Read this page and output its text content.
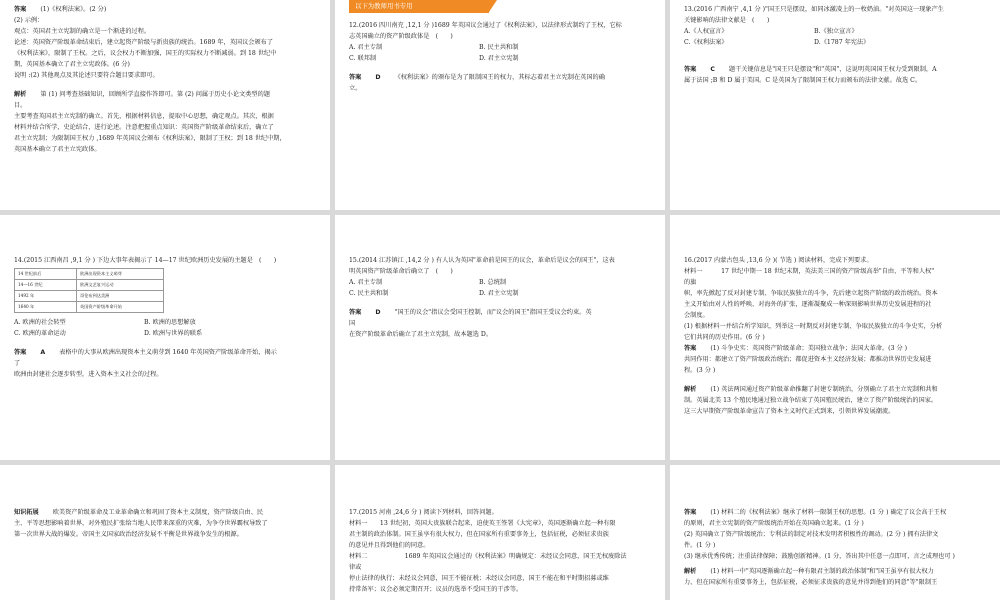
答案 (1)《权利法案》。(2 分)

(2) 示例：

观点：英国君主立宪制的确立是一个渐进的过程。

论述：英国资产阶级革命结束后，建立起资产阶级与新贵族的统治。1689 年，英国议会颁布了

《权利法案》，限制了王权。之后，议会权力不断加强，国王的实际权力不断减弱。到 18 世纪中

期，英国基本确立了君主立宪政体。(6 分)

说明 :(2) 其他观点及其论述只要符合题目要求即可。

解析 第 (1) 问考查基础知识，回顾所学直接作答即可。第 (2) 问属于历史小论文类型的题

目。

主要考查英国君主立宪制的确立。首先，根据材料信息，提取中心思想，确定观点。其次，根据

材料并结合所学，史论结合，进行论述。注意把握重点知识：英国资产阶级革命结束后，确立了

君主立宪制；为限制国王权力 ,1689 年英国议会颁布《权利法案》，限制了王权；到 18 世纪中期，

英国基本确立了君主立宪政体。

以下为教师用书专用

12.(2016 四川南充 ,12,1 分 )1689 年英国议会通过了《权利法案》，以法律形式制约了王权，它标

志英国确立的资产阶级政体是　(　　)

A. 君主专制	B. 民主共和制
C. 联邦制	D. 君主立宪制

答案 D 《权利法案》的颁布是为了限制国王的权力，其标志着君主立宪制在英国的确

立。

13.(2016 广西南宁 ,4,1 分 )"国王只是摆设，如同冰激凌上的一枚奶油。"对英国这一现象产生

关键影响的法律文献是　(　　)

A.《人权宣言》	B.《独立宣言》
C.《权利法案》	D.《1787 年宪法》

答案 C 题干关键信息是"国王只是摆设"和"英国"，这说明英国国王权力受到限制，A

属于法国 ;B 和 D 属于美国。C 是英国为了限制国王权力而颁布的法律文献。故选 C。

14.(2015 江西南昌 ,9,1 分 ) 下边大事年表揭示了 14—17 世纪欧洲历史发展的主题是　(　　)

14 世纪前后	欧洲出现资本主义萌芽
14—16 世纪	欧洲文艺复兴运动
1492 年	哥伦布到达美洲
1640 年	英国资产阶级革命开始
A. 欧洲的社会转型	B. 欧洲的思想解放
C. 欧洲的革命运动	D. 欧洲与世界的联系

答案 A 表格中的大事从欧洲出现资本主义萌芽到 1640 年英国资产阶级革命开始，揭示

了

欧洲由封建社会逐步转型，进入资本主义社会的过程。

15.(2014 江苏镇江 ,14,2 分 ) 有人认为英国"革命前是国王的议会，革命后是议会的国王"，这表

明英国资产阶级革命后确立了　(　　)

A. 君主专制	B. 总统制
C. 民主共和制	D. 君主立宪制

答案 D "国王的议会"指议会受国王控制，而"议会的国王"指国王受议会约束。英

国

在资产阶级革命后确立了君主立宪制，故本题选 D。

16.(2017 内蒙古包头 ,13,6 分 )( 节选 ) 阅读材料，完成下列要求。

材料一　　　17 世纪中期一 18 世纪末期，英法美三国的资产阶级高举"自由、平等和人权"

的旗

帜，率先掀起了反对封建专制、争取民族独立的斗争，先后建立起资产阶级的政治统治。资本

主义开始由对人性的呼唤、对海外的扩张，逐渐凝聚成一种深刻影响世界历史发展进程的社

会制度。

(1) 根据材料一并结合所学知识，列举这一时期反对封建专制、争取民族独立的斗争史实，分析

它们共同的历史作用。(6 分 )

答案 (1) 斗争史实：英国资产阶级革命；美国独立战争；法国大革命。(3 分 )

共同作用：都建立了资产阶级政治统治；都促进资本主义经济发展；都推动世界历史发展进

程。(3 分 )

解析 (1) 英法两国通过资产阶级革命推翻了封建专制统治，分别确立了君主立宪制和共和

制。英属北美 13 个殖民地通过独立战争结束了英国殖民统治，建立了资产阶级统治的国家。

这三大早期资产阶级革命宣告了资本主义时代正式到来，引领世界发展潮流。

知识拓展 欧美资产阶级革命及工业革命确立和巩固了资本主义制度，资产阶级自由、民

主、平等思想影响着世界，对外殖民扩张给当地人民带来深重的灾难，为争夺世界霸权导致了

第一次世界大战的爆发。帝国主义国家政治经济发展不平衡是世界战争发生的根源。

17.(2015 河南 ,24,6 分 ) 阅读下列材料，回答问题。

材料一　　13 世纪初，英国大贵族联合起来，迫使英王签署《大宪章》，英国逐渐确立起一种有限

君主制的政治体制。国王虽享有很大权力，但在国家所有重要事务上，包括征税，必须征求贵族

的意见并且得到他们的同意。

材料二　　　　　　1689 年英国议会通过的《权利法案》明确规定：未经议会同意，国王无权废除法

律或

停止法律的执行；未经议会同意，国王不能征税；未经议会同意，国王不能在和平时期招募或维

持常备军；议会必须定期召开；议员的选举不受国王的干涉等。

答案 (1) 材料二的《权利法案》继承了材料一限制王权的思想。(1 分 ) 确定了议会高于王权

的原则，君主立宪制的资产阶级统治开始在英国确立起来。(1 分 )

(2) 英国确立了资产阶级统治；专利法的制定对技术发明者积极性的调动。(2 分 ) 拥有法律文

件。(1 分 )

(3) 继承优秀传统；注重法律保障；鼓励创新精神。(1 分，答出其中任意一点即可，言之成理也可 )

解析 (1) 材料一中"英国逐渐确立起一种有限君主制的政治体制"和"国王虽享有很大权力

力，但在国家所有重要事务上，包括征税，必须征求贵族的意见并得到他们的同意"等"限制王
